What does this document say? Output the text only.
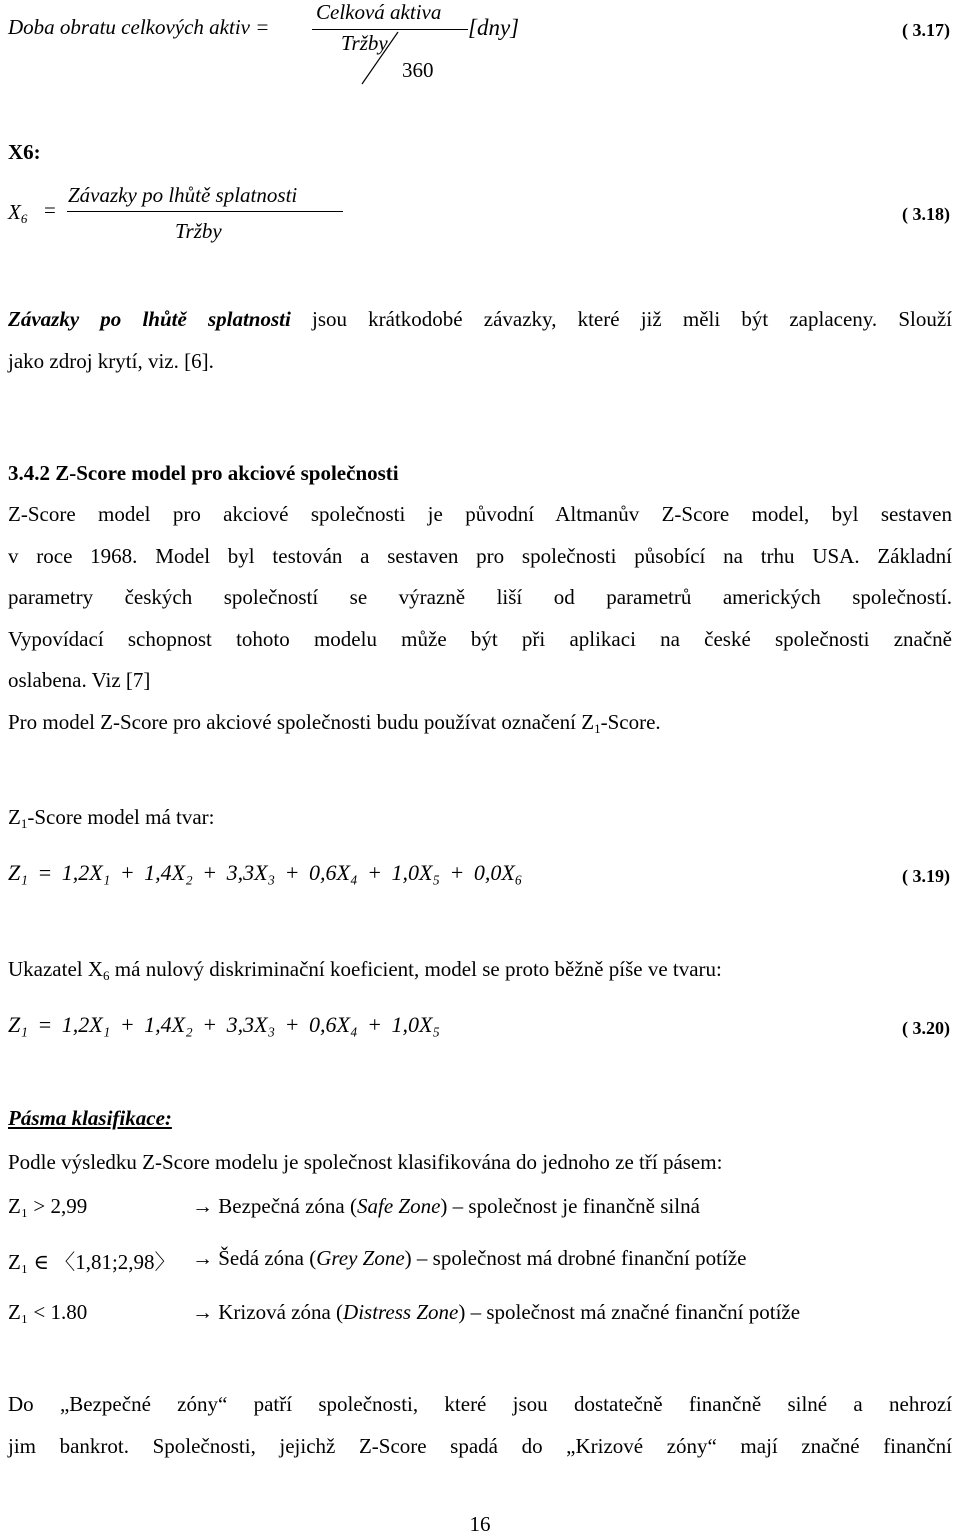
Doba obratu celkových aktiv =
Celková aktiva
Tržby
360
[dny]	( 3.17)
X6:
$X_6$ =
Závazky po lhůtě splatnosti
Tržby
( 3.18)
Závazky po lhůtě splatnosti jsou krátkodobé závazky, které již měli být zaplaceny. Slouží
jako zdroj krytí, viz. [6].
3.4.2 Z-Score model pro akciové společnosti
Z-Score model pro akciové společnosti je původní Altmanův Z-Score model, byl sestaven
v roce 1968. Model byl testován a sestaven pro společnosti působící na trhu USA. Základní
parametry českých společností se výrazně liší od parametrů amerických společností.
Vypovídací schopnost tohoto modelu může být při aplikaci na české společnosti značně
oslabena. Viz [7]
Pro model Z-Score pro akciové společnosti budu používat označení $Z_1$-Score.
$Z_1$-Score model má tvar:
Z₁ = 1,2X₁ + 1,4X₂ + 3,3X₃ + 0,6X₄ + 1,0X₅ + 0,0X₆	( 3.19)
Ukazatel $X_6$ má nulový diskriminační koeficient, model se proto běžně píše ve tvaru:
Z₁ = 1,2X₁ + 1,4X₂ + 3,3X₃ + 0,6X₄ + 1,0X₅	( 3.20)
Pásma klasifikace:
Podle výsledku Z-Score modelu je společnost klasifikována do jednoho ze tří pásem:
Z₁ > 2,99	→ Bezpečná zóna (Safe Zone) – společnost je finančně silná
Z₁ ∈ 〈1,81;2,98〉 → Šedá zóna (Grey Zone) – společnost má drobné finanční potíže
Z₁ < 1.80	→ Krizová zóna (Distress Zone) – společnost má značné finanční potíže
Do „Bezpečné zóny“ patří společnosti, které jsou dostatečně finančně silné a nehrozí
jim bankrot. Společnosti, jejichž Z-Score spadá do „Krizové zóny“ mají značné finanční
16
